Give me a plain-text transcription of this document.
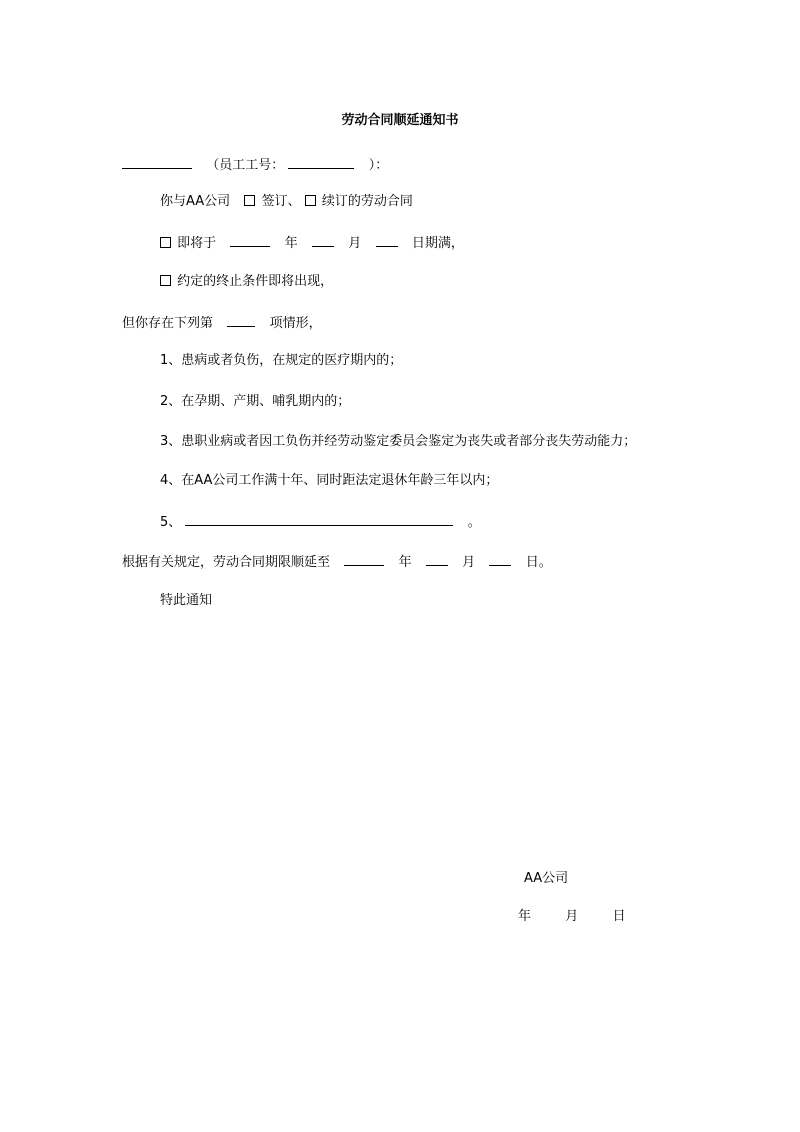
劳动合同顺延通知书
（员工工号：	）：
你与AA公司 签订、 续订的劳动合同
即将于	年	月	日期满，
约定的终止条件即将出现，
但你存在下列第	项情形，
1、患病或者负伤，在规定的医疗期内的；
2、在孕期、产期、哺乳期内的；
3、患职业病或者因工负伤并经劳动鉴定委员会鉴定为丧失或者部分丧失劳动能力；
4、在AA公司工作满十年、同时距法定退休年龄三年以内；
5、	。
根据有关规定，劳动合同期限顺延至	年	月	日。
特此通知
AA公司
年	月	日
